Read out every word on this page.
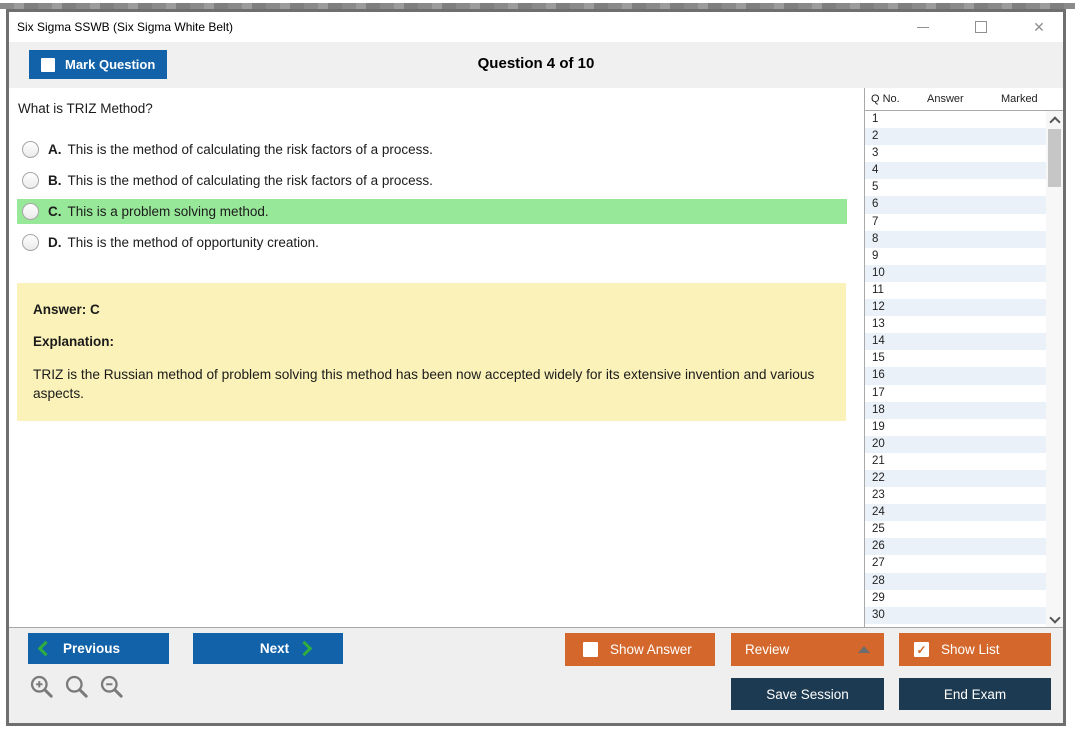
Six Sigma SSWB (Six Sigma White Belt)	✕
Mark Question	Question 4 of 10
What is TRIZ Method?
A. This is the method of calculating the risk factors of a process.
B. This is the method of calculating the risk factors of a process.
C. This is a problem solving method.
D. This is the method of opportunity creation.

Answer: C

Explanation:

TRIZ is the Russian method of problem solving this method has been now accepted widely for its extensive invention and various aspects.

Q No. Answer	Marked
1
2
3
4
5
6
7
8
9
10
11
12
13
14
15
16
17
18
19
20
21
22
23
24
25
26
27
28
29
30
Previous	Next	Show Answer	Review	✓ Show List
Save Session	End Exam
